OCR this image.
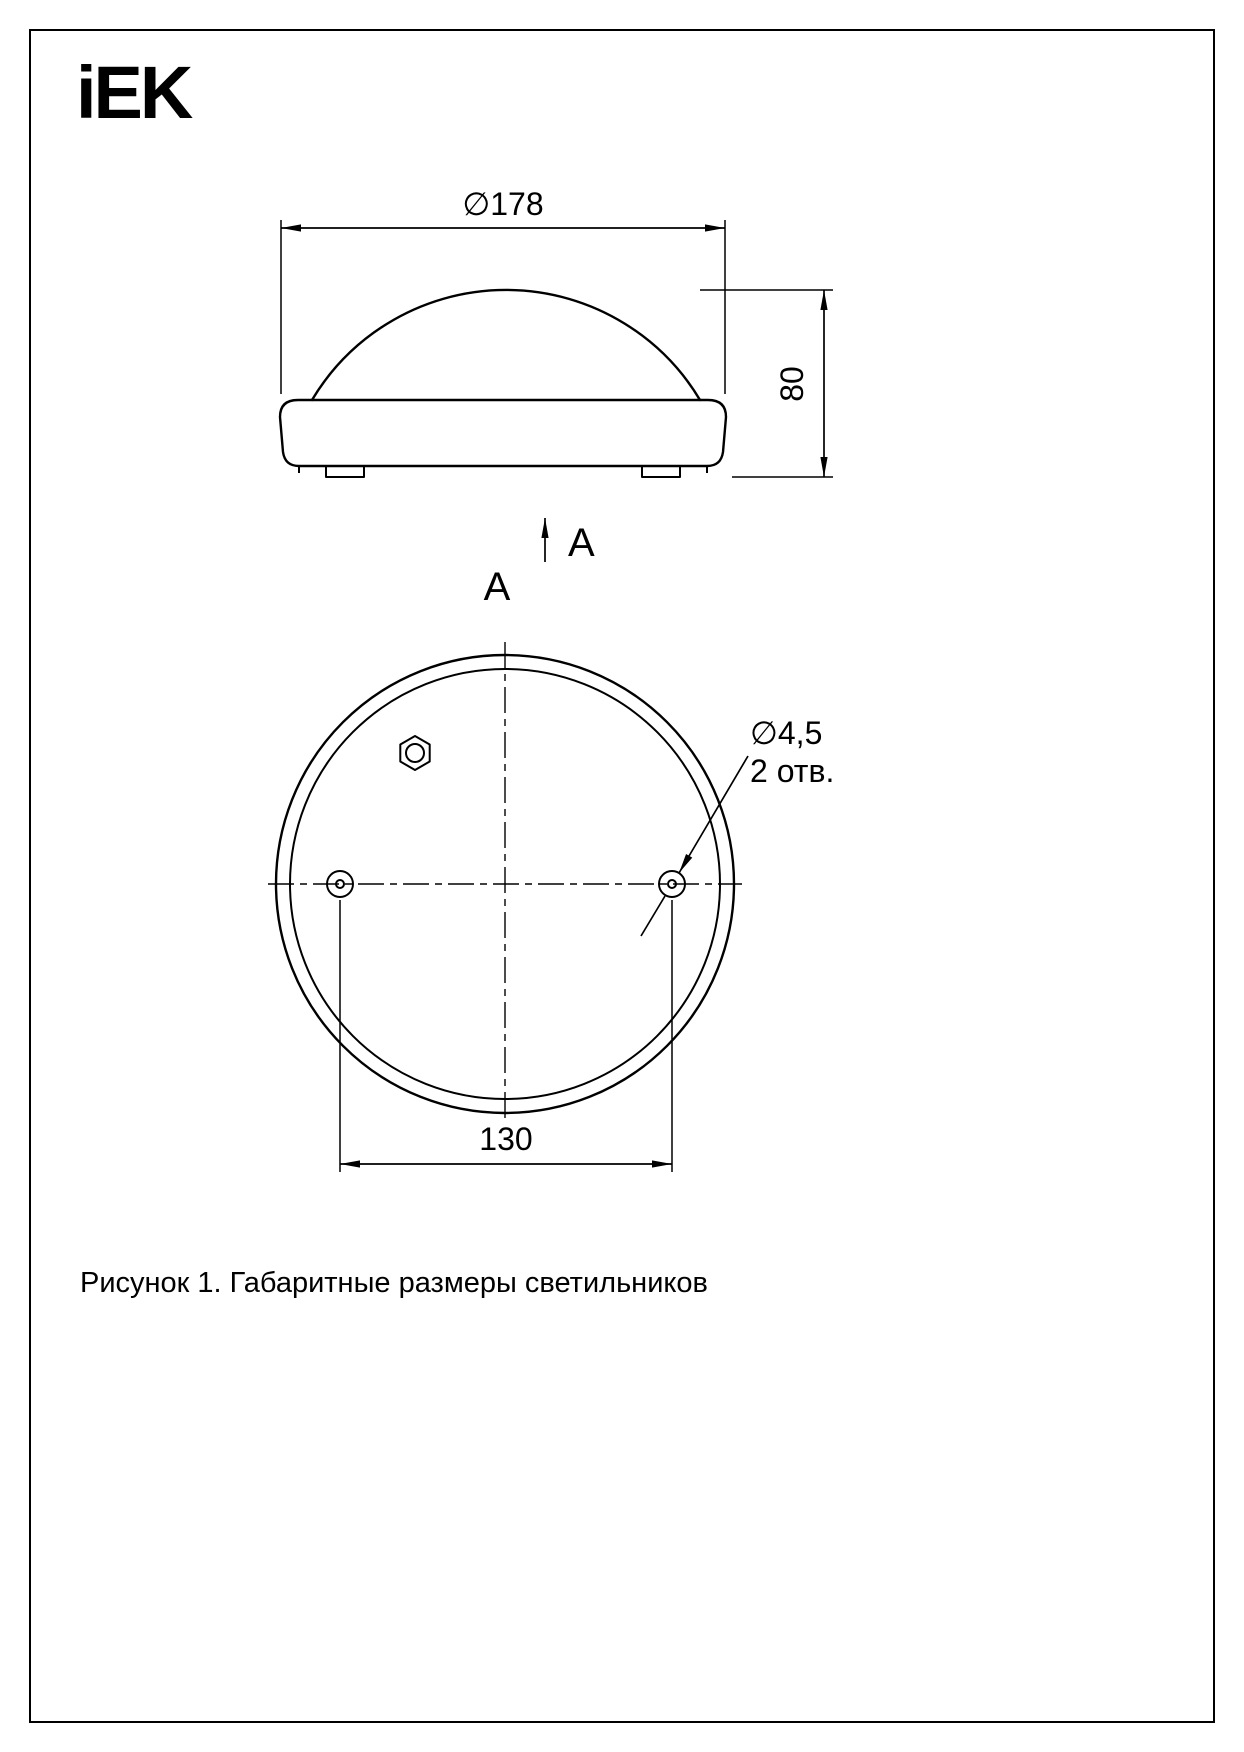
iEK
∅178
80
A
A
∅4,5
2 отв.
130
Рисунок 1. Габаритные размеры светильников
